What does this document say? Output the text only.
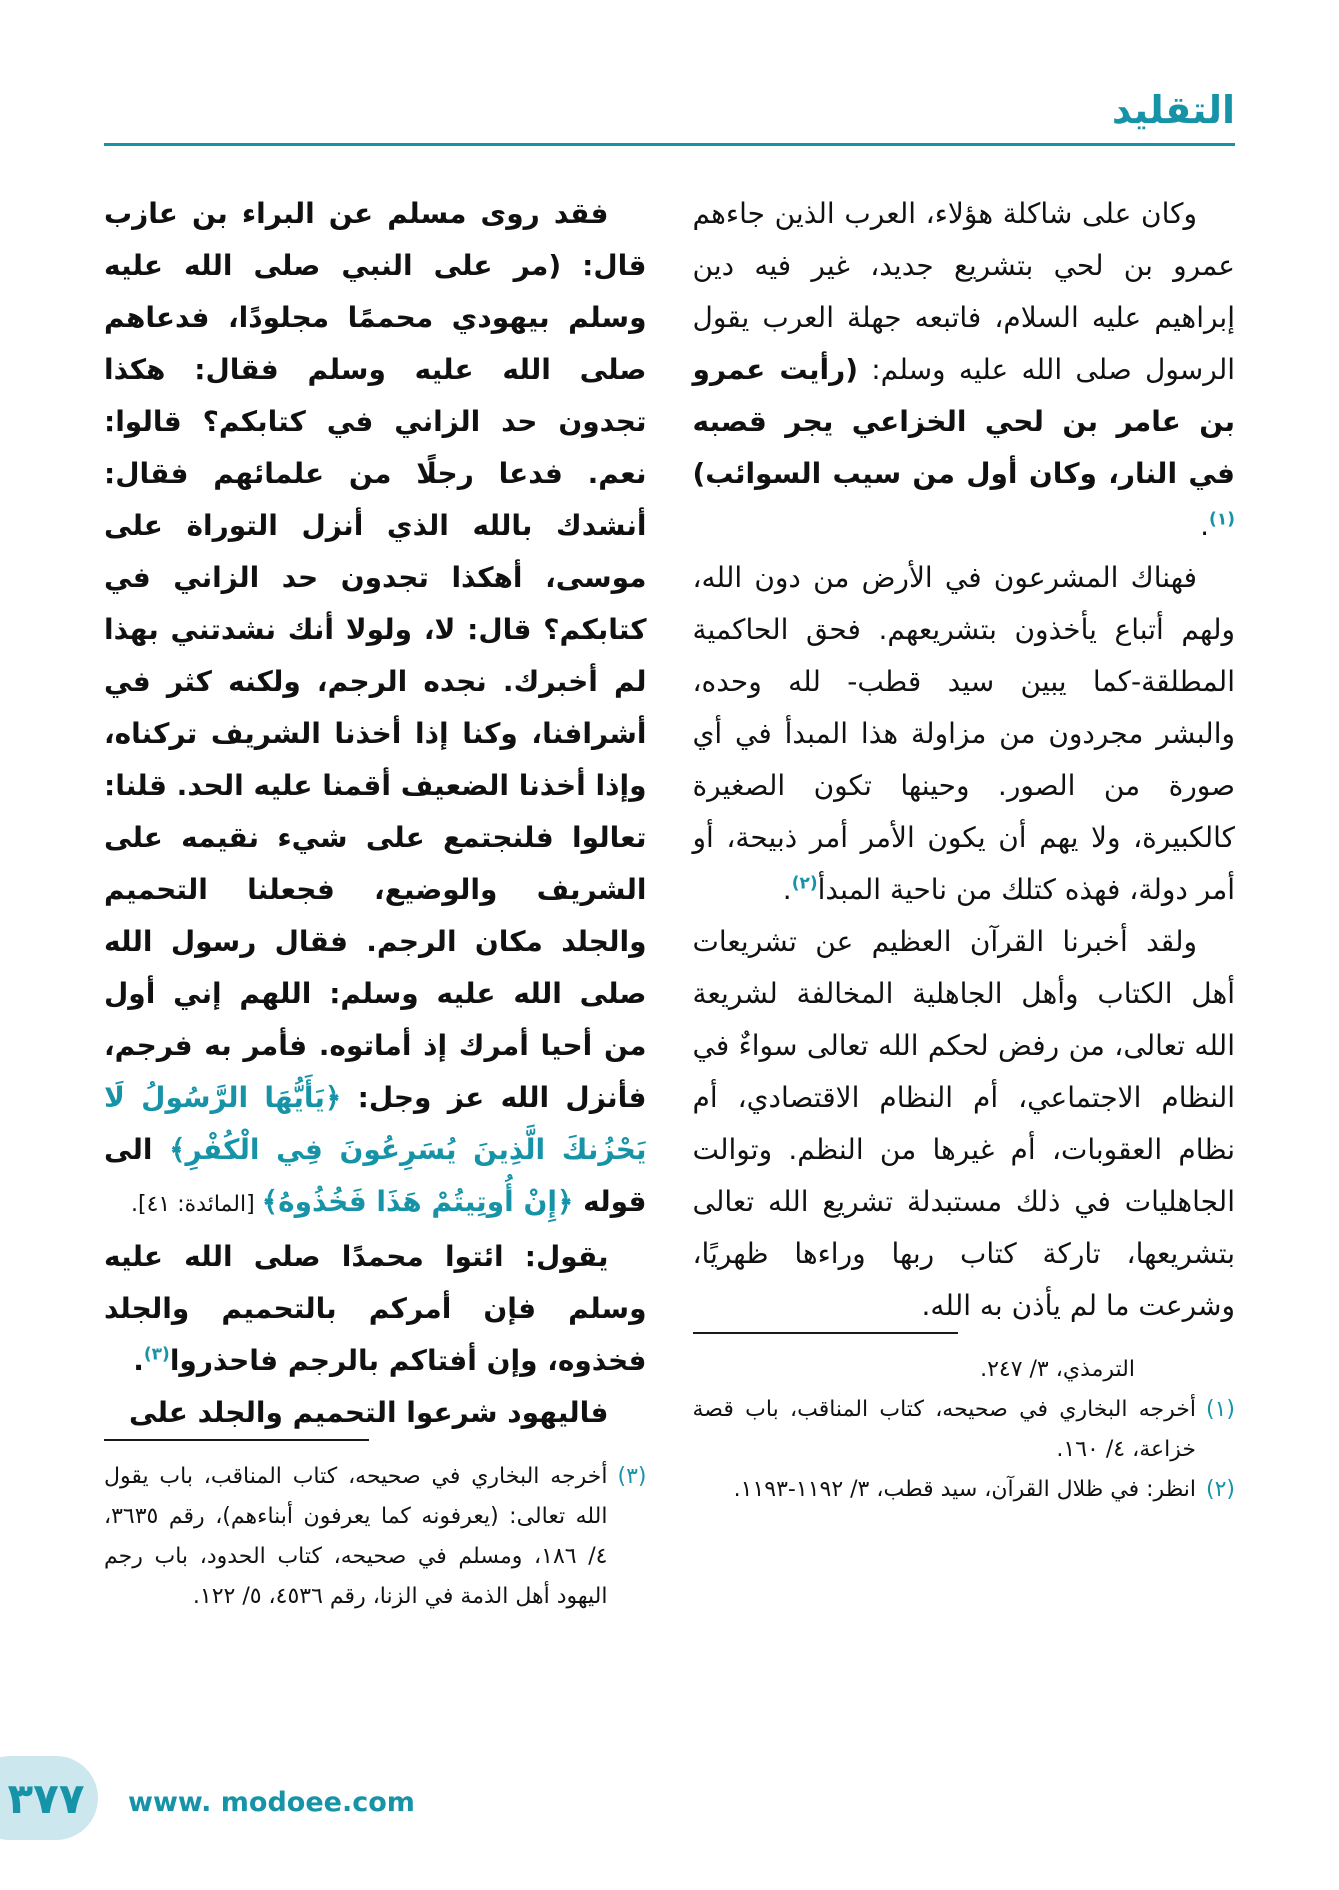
التقليد

وكان على شاكلة هؤلاء، العرب الذين جاءهم عمرو بن لحي بتشريع جديد، غير فيه دين إبراهيم عليه السلام، فاتبعه جهلة العرب يقول الرسول صلى الله عليه وسلم: (رأيت عمرو بن عامر بن لحي الخزاعي يجر قصبه في النار، وكان أول من سيب السوائب)$^{(١)}$.

فهناك المشرعون في الأرض من دون الله، ولهم أتباع يأخذون بتشريعهم. فحق الحاكمية المطلقة-كما يبين سيد قطب- لله وحده، والبشر مجردون من مزاولة هذا المبدأ في أي صورة من الصور. وحينها تكون الصغيرة كالكبيرة، ولا يهم أن يكون الأمر أمر ذبيحة، أو أمر دولة، فهذه كتلك من ناحية المبدأ$^{(٢)}$.

ولقد أخبرنا القرآن العظيم عن تشريعات أهل الكتاب وأهل الجاهلية المخالفة لشريعة الله تعالى، من رفض لحكم الله تعالى سواءٌ في النظام الاجتماعي، أم النظام الاقتصادي، أم نظام العقوبات، أم غيرها من النظم. وتوالت الجاهليات في ذلك مستبدلة تشريع الله تعالى بتشريعها، تاركة كتاب ربها وراءها ظهريًا، وشرعت ما لم يأذن به الله.

الترمذي، ٣/ ٢٤٧.

(١)
أخرجه البخاري في صحيحه، كتاب المناقب، باب قصة خزاعة، ٤/ ١٦٠.
(٢)
انظر: في ظلال القرآن، سيد قطب، ٣/ ١١٩٢-١١٩٣.

فقد روى مسلم عن البراء بن عازب قال: (مر على النبي صلى الله عليه وسلم بيهودي محممًا مجلودًا، فدعاهم صلى الله عليه وسلم فقال: هكذا تجدون حد الزاني في كتابكم؟ قالوا: نعم. فدعا رجلًا من علمائهم فقال: أنشدك بالله الذي أنزل التوراة على موسى، أهكذا تجدون حد الزاني في كتابكم؟ قال: لا، ولولا أنك نشدتني بهذا لم أخبرك. نجده الرجم، ولكنه كثر في أشرافنا، وكنا إذا أخذنا الشريف تركناه، وإذا أخذنا الضعيف أقمنا عليه الحد. قلنا: تعالوا فلنجتمع على شيء نقيمه على الشريف والوضيع، فجعلنا التحميم والجلد مكان الرجم. فقال رسول الله صلى الله عليه وسلم: اللهم إني أول من أحيا أمرك إذ أماتوه. فأمر به فرجم، فأنزل الله عز وجل: ﴿يَأَيُّهَا الرَّسُولُ لَا يَحْزُنكَ الَّذِينَ يُسَرِعُونَ فِي الْكُفْرِ﴾ الى قوله ﴿إِنْ أُوتِيتُمْ هَذَا فَخُذُوهُ﴾ [المائدة: ٤١].

يقول: ائتوا محمدًا صلى الله عليه وسلم فإن أمركم بالتحميم والجلد فخذوه، وإن أفتاكم بالرجم فاحذروا$^{(٣)}$.

فاليهود شرعوا التحميم والجلد على

(٣)
أخرجه البخاري في صحيحه، كتاب المناقب، باب يقول الله تعالى: (يعرفونه كما يعرفون أبناءهم)، رقم ٣٦٣٥، ٤/ ١٨٦، ومسلم في صحيحه، كتاب الحدود، باب رجم اليهود أهل الذمة في الزنا، رقم ٤٥٣٦، ٥/ ١٢٢.
٣٧٧ www. modoee.com
